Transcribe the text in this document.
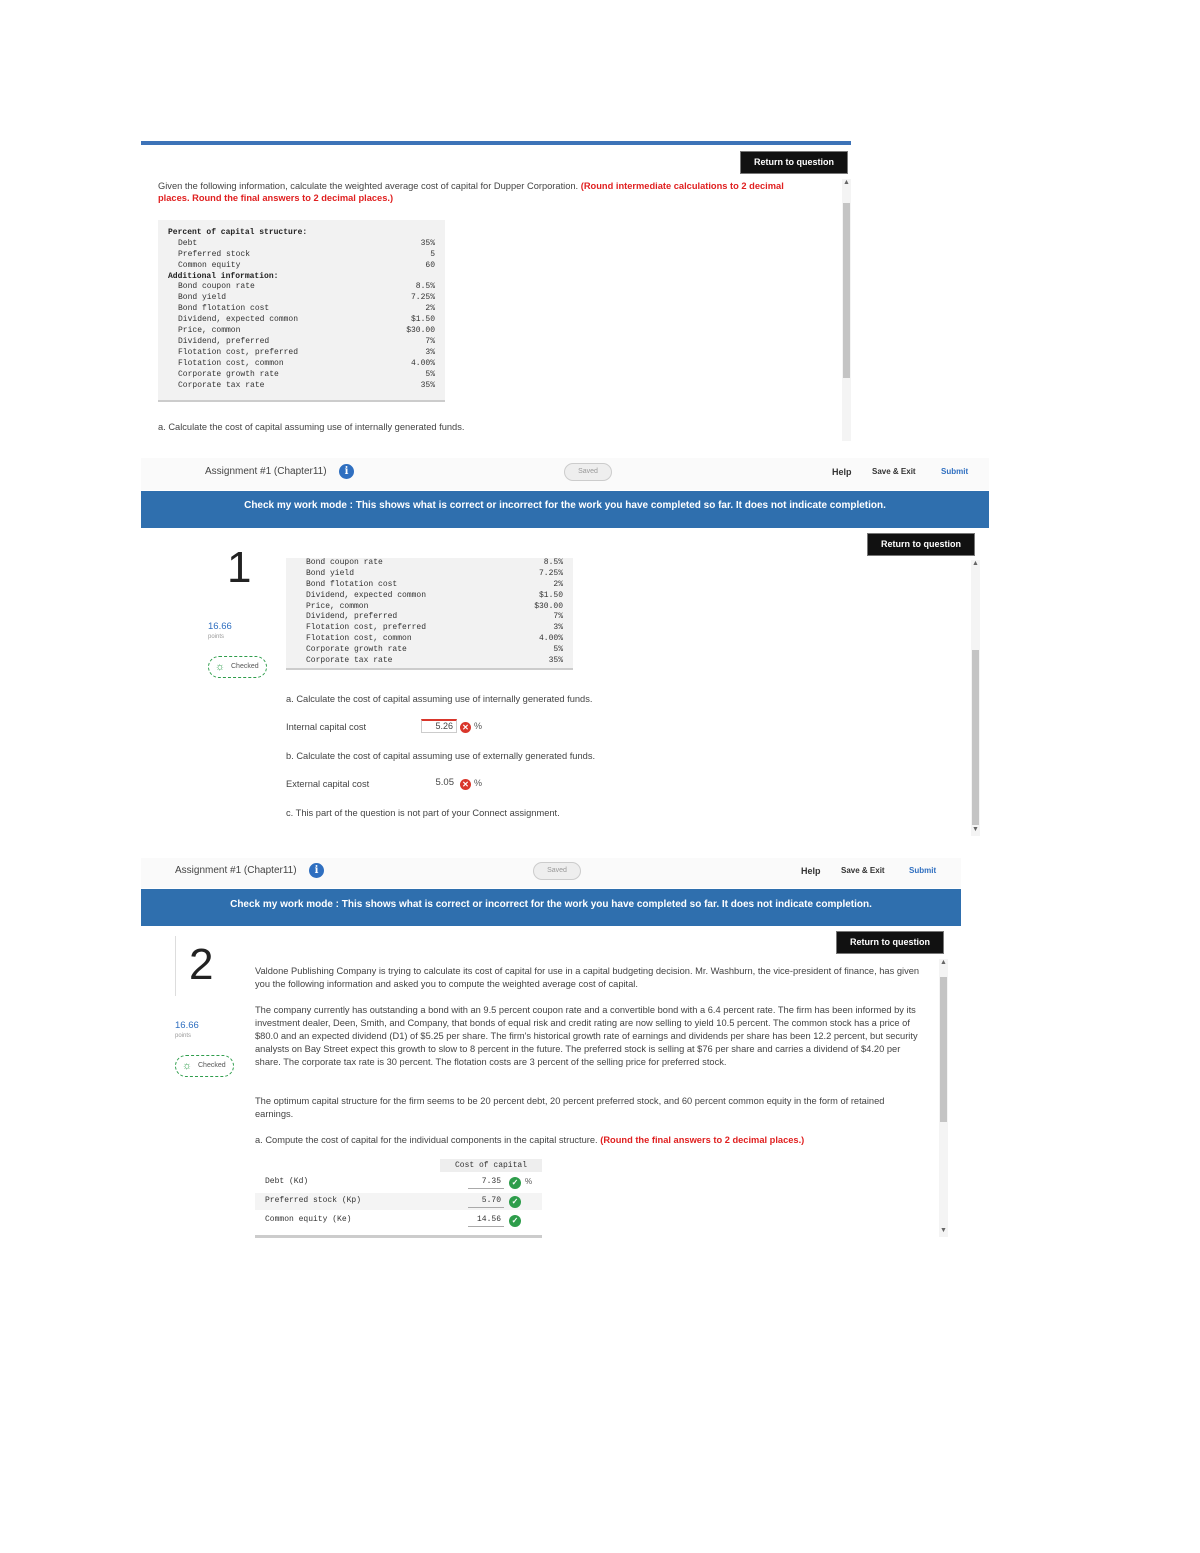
Return to question
Given the following information, calculate the weighted average cost of capital for Dupper Corporation. (Round intermediate calculations to 2 decimal places. Round the final answers to 2 decimal places.)
Percent of capital structure:
Debt	35%
Preferred stock	5
Common equity	60
Additional information:
Bond coupon rate	8.5%
Bond yield	7.25%
Bond flotation cost	2%
Dividend, expected common	$1.50
Price, common	$30.00
Dividend, preferred	7%
Flotation cost, preferred	3%
Flotation cost, common	4.00%
Corporate growth rate	5%
Corporate tax rate	35%
a. Calculate the cost of capital assuming use of internally generated funds.
▲
Assignment #1 (Chapter11)	i	Saved	Help	Save & Exit	Submit
Check my work mode : This shows what is correct or incorrect for the work you have completed so far. It does not indicate completion.
Return to question
1
16.66
points
☼ Checked
Bond coupon rate	8.5%
Bond yield	7.25%
Bond flotation cost	2%
Dividend, expected common	$1.50
Price, common	$30.00
Dividend, preferred	7%
Flotation cost, preferred	3%
Flotation cost, common	4.00%
Corporate growth rate	5%
Corporate tax rate	35%
a. Calculate the cost of capital assuming use of internally generated funds.
Internal capital cost	5.26	✕ %
b. Calculate the cost of capital assuming use of externally generated funds.
External capital cost	5.05	✕ %
c. This part of the question is not part of your Connect assignment.
▲
▼
Assignment #1 (Chapter11)	i	Saved	Help	Save & Exit	Submit
Check my work mode : This shows what is correct or incorrect for the work you have completed so far. It does not indicate completion.
Return to question
2
16.66
points
☼ Checked
Valdone Publishing Company is trying to calculate its cost of capital for use in a capital budgeting decision. Mr. Washburn, the vice-president of finance, has given you the following information and asked you to compute the weighted average cost of capital.
The company currently has outstanding a bond with an 9.5 percent coupon rate and a convertible bond with a 6.4 percent rate. The firm has been informed by its investment dealer, Deen, Smith, and Company, that bonds of equal risk and credit rating are now selling to yield 10.5 percent. The common stock has a price of $80.0 and an expected dividend (D1) of $5.25 per share. The firm's historical growth rate of earnings and dividends per share has been 12.2 percent, but security analysts on Bay Street expect this growth to slow to 8 percent in the future. The preferred stock is selling at $76 per share and carries a dividend of $4.20 per share. The corporate tax rate is 30 percent. The flotation costs are 3 percent of the selling price for preferred stock.
The optimum capital structure for the firm seems to be 20 percent debt, 20 percent preferred stock, and 60 percent common equity in the form of retained earnings.
a. Compute the cost of capital for the individual components in the capital structure. (Round the final answers to 2 decimal places.)
Cost of capital
Debt (Kd)	7.35	✓ %
Preferred stock (Kp)	5.70	✓
Common equity (Ke)	14.56	✓
▲
▼
